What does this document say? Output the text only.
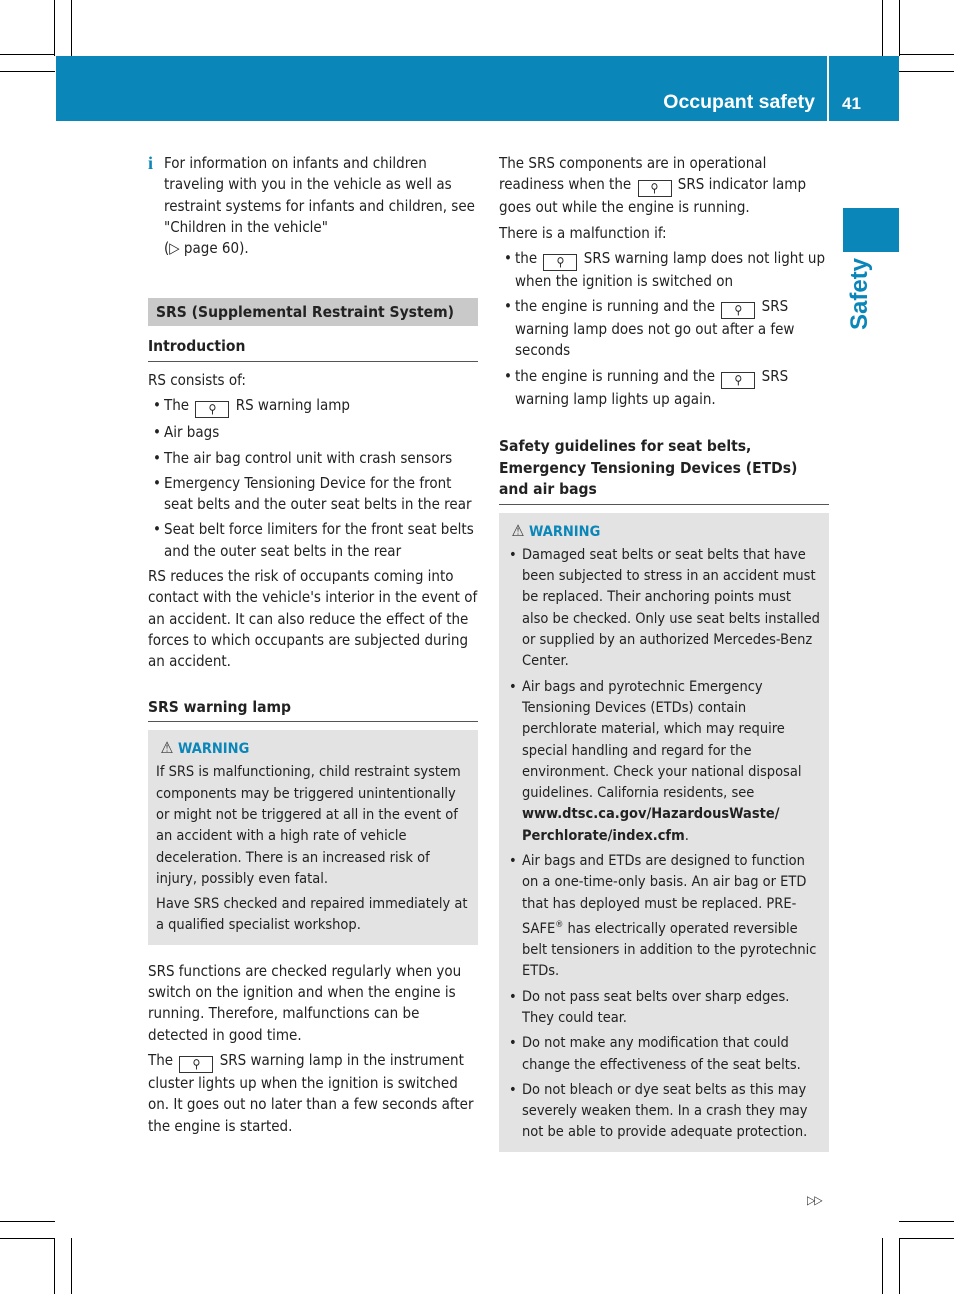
Occupant safety 41
Safety
i For information on infants and children traveling with you in the vehicle as well as restraint systems for infants and children, see "Children in the vehicle"
(▷ page 60).

SRS (Supplemental Restraint System)
Introduction

RS consists of:

• The ⚲ RS warning lamp
• Air bags
• The air bag control unit with crash sensors
• Emergency Tensioning Device for the front seat belts and the outer seat belts in the rear
• Seat belt force limiters for the front seat belts and the outer seat belts in the rear

RS reduces the risk of occupants coming into contact with the vehicle's interior in the event of an accident. It can also reduce the effect of the forces to which occupants are subjected during an accident.

SRS warning lamp
⚠ WARNING

If SRS is malfunctioning, child restraint system components may be triggered unintentionally or might not be triggered at all in the event of an accident with a high rate of vehicle deceleration. There is an increased risk of injury, possibly even fatal.

Have SRS checked and repaired immediately at a qualified specialist workshop.

SRS functions are checked regularly when you switch on the ignition and when the engine is running. Therefore, malfunctions can be detected in good time.

The ⚲ SRS warning lamp in the instrument cluster lights up when the ignition is switched on. It goes out no later than a few seconds after the engine is started.

The SRS components are in operational readiness when the ⚲ SRS indicator lamp goes out while the engine is running.

There is a malfunction if:

• the ⚲ SRS warning lamp does not light up when the ignition is switched on
• the engine is running and the ⚲ SRS warning lamp does not go out after a few seconds
• the engine is running and the ⚲ SRS warning lamp lights up again.
Safety guidelines for seat belts, Emergency Tensioning Devices (ETDs) and air bags
⚠ WARNING
• Damaged seat belts or seat belts that have been subjected to stress in an accident must be replaced. Their anchoring points must also be checked. Only use seat belts installed or supplied by an authorized Mercedes-Benz Center.
• Air bags and pyrotechnic Emergency Tensioning Devices (ETDs) contain perchlorate material, which may require special handling and regard for the environment. Check your national disposal guidelines. California residents, see www.dtsc.ca.gov/HazardousWaste/ Perchlorate/index.cfm.
• Air bags and ETDs are designed to function on a one-time-only basis. An air bag or ETD that has deployed must be replaced. PRE-SAFE® has electrically operated reversible belt tensioners in addition to the pyrotechnic ETDs.
• Do not pass seat belts over sharp edges. They could tear.
• Do not make any modification that could change the effectiveness of the seat belts.
• Do not bleach or dye seat belts as this may severely weaken them. In a crash they may not be able to provide adequate protection.
▷▷
